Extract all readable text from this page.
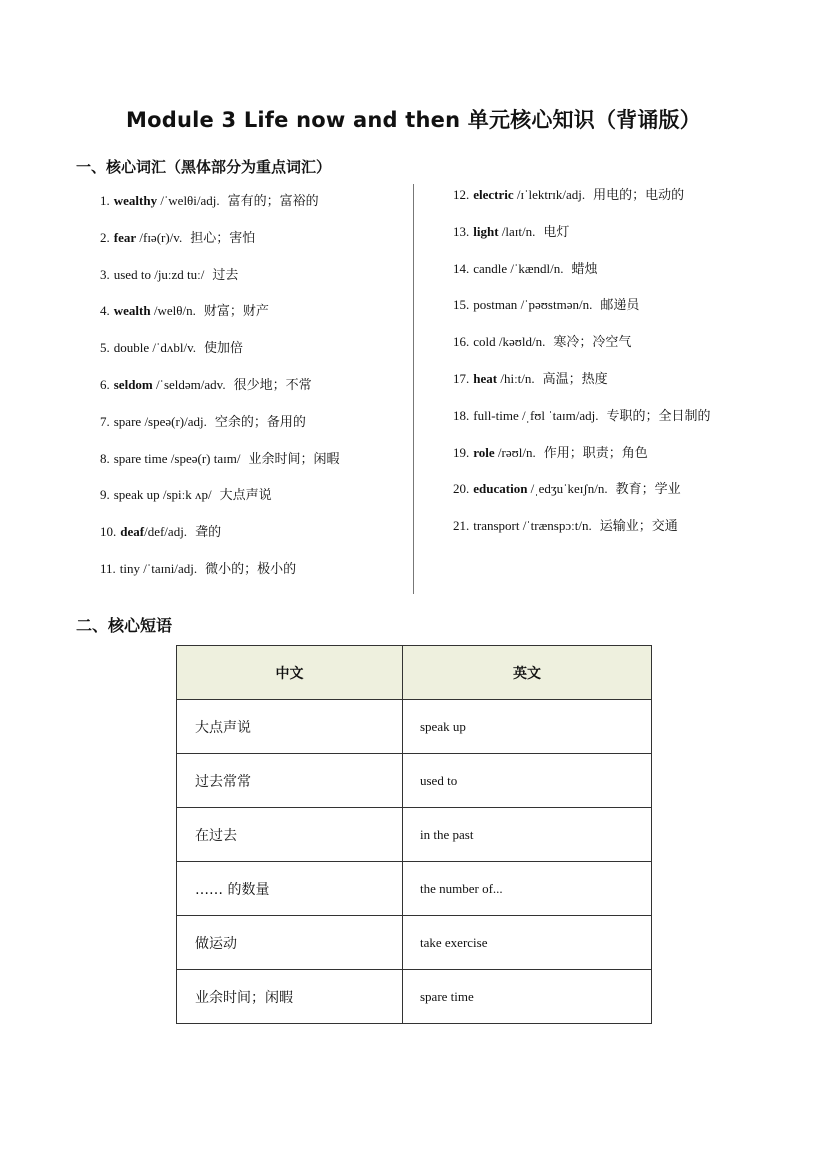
Module 3 Life now and then 单元核心知识（背诵版）
一、核心词汇（黑体部分为重点词汇）
1. wealthy /ˈwelθi/adj. 富有的；富裕的
2. fear /fɪə(r)/v. 担心；害怕
3. used to /juːzd tuː/ 过去
4. wealth /welθ/n. 财富；财产
5. double /ˈdʌbl/v. 使加倍
6. seldom /ˈseldəm/adv. 很少地；不常
7. spare /speə(r)/adj. 空余的；备用的
8. spare time /speə(r) taɪm/ 业余时间；闲暇
9. speak up /spiːk ʌp/ 大点声说
10. deaf/def/adj. 聋的
11. tiny /ˈtaɪni/adj. 微小的；极小的
12. electric /ɪˈlektrɪk/adj. 用电的；电动的
13. light /laɪt/n. 电灯
14. candle /ˈkændl/n. 蜡烛
15. postman /ˈpəʊstmən/n. 邮递员
16. cold /kəʊld/n. 寒冷；冷空气
17. heat /hiːt/n. 高温；热度
18. full-time /ˌfʊl ˈtaɪm/adj. 专职的；全日制的
19. role /rəʊl/n. 作用；职责；角色
20. education /ˌedʒuˈkeɪʃn/n. 教育；学业
21. transport /ˈtrænspɔːt/n. 运输业；交通
二、核心短语
中文	英文
大点声说	speak up
过去常常	used to
在过去	in the past
…… 的数量	the number of...
做运动	take exercise
业余时间；闲暇	spare time
